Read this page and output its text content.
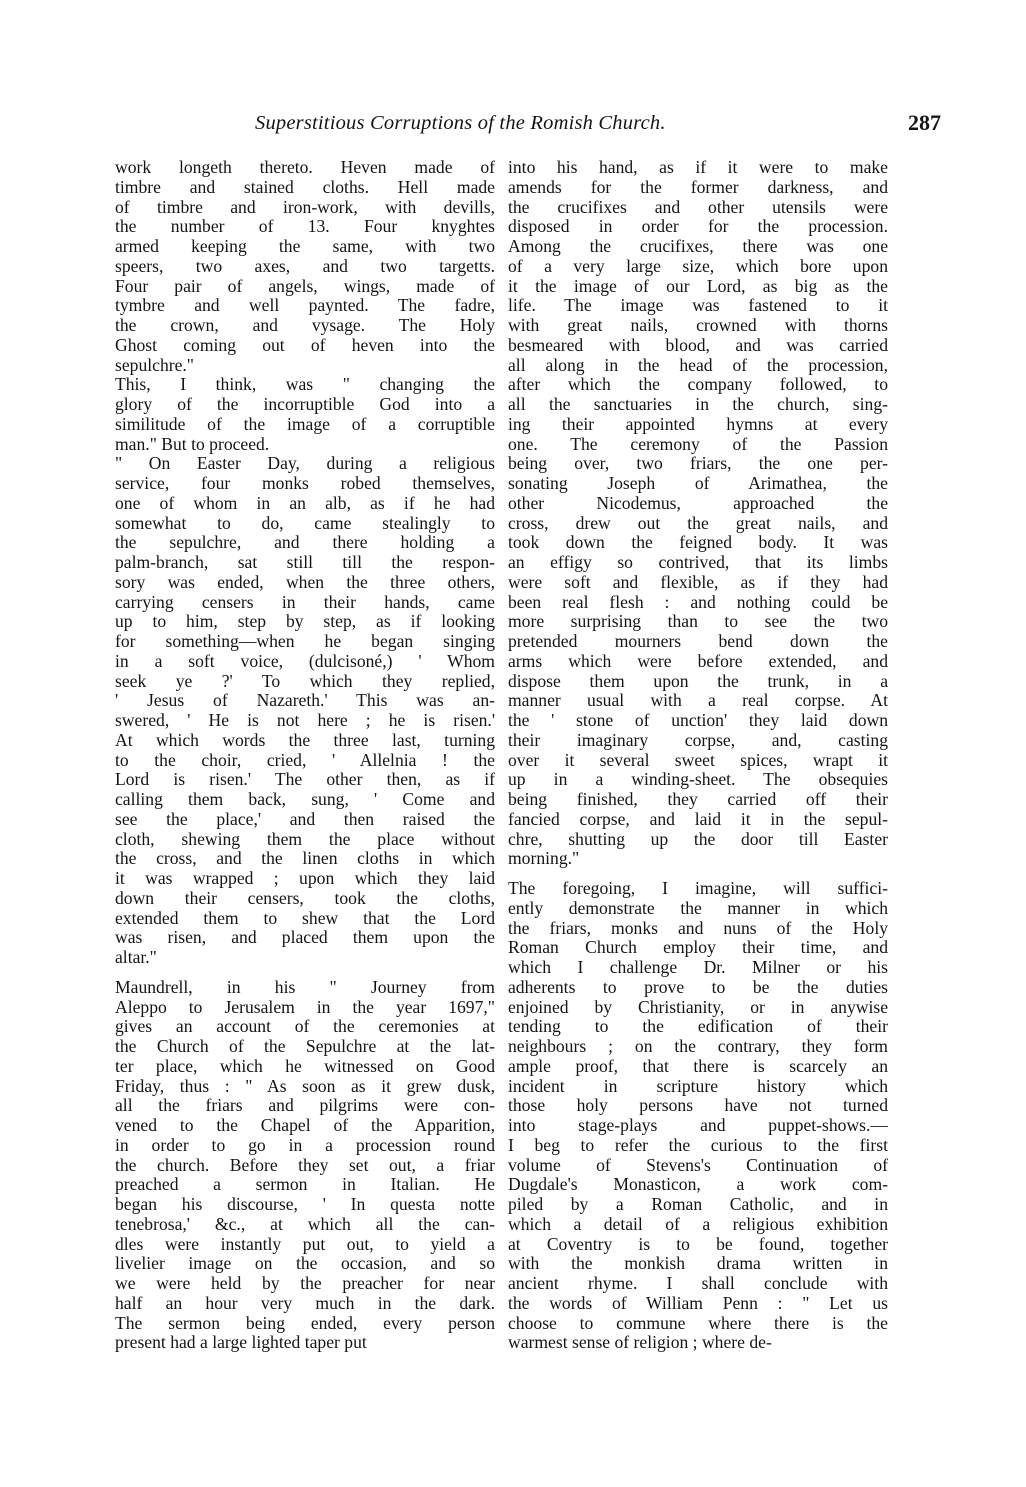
Superstitious Corruptions of the Romish Church.	287

work longeth thereto. Heven made of

timbre and stained cloths. Hell made

of timbre and iron-work, with devills,

the number of 13. Four knyghtes

armed keeping the same, with two

speers, two axes, and two targetts.

Four pair of angels, wings, made of

tymbre and well paynted. The fadre,

the crown, and vysage. The Holy

Ghost coming out of heven into the

sepulchre."

This, I think, was " changing the

glory of the incorruptible God into a

similitude of the image of a corruptible

man." But to proceed.

" On Easter Day, during a religious

service, four monks robed themselves,

one of whom in an alb, as if he had

somewhat to do, came stealingly to

the sepulchre, and there holding a

palm-branch, sat still till the respon-

sory was ended, when the three others,

carrying censers in their hands, came

up to him, step by step, as if looking

for something—when he began singing

in a soft voice, (dulcisoné,) ' Whom

seek ye ?' To which they replied,

' Jesus of Nazareth.' This was an-

swered, ' He is not here ; he is risen.'

At which words the three last, turning

to the choir, cried, ' Allelnia ! the

Lord is risen.' The other then, as if

calling them back, sung, ' Come and

see the place,' and then raised the

cloth, shewing them the place without

the cross, and the linen cloths in which

it was wrapped ; upon which they laid

down their censers, took the cloths,

extended them to shew that the Lord

was risen, and placed them upon the

altar."

Maundrell, in his " Journey from

Aleppo to Jerusalem in the year 1697,"

gives an account of the ceremonies at

the Church of the Sepulchre at the lat-

ter place, which he witnessed on Good

Friday, thus : " As soon as it grew dusk,

all the friars and pilgrims were con-

vened to the Chapel of the Apparition,

in order to go in a procession round

the church. Before they set out, a friar

preached a sermon in Italian. He

began his discourse, ' In questa notte

tenebrosa,' &c., at which all the can-

dles were instantly put out, to yield a

livelier image on the occasion, and so

we were held by the preacher for near

half an hour very much in the dark.

The sermon being ended, every person

present had a large lighted taper put

into his hand, as if it were to make

amends for the former darkness, and

the crucifixes and other utensils were

disposed in order for the procession.

Among the crucifixes, there was one

of a very large size, which bore upon

it the image of our Lord, as big as the

life. The image was fastened to it

with great nails, crowned with thorns

besmeared with blood, and was carried

all along in the head of the procession,

after which the company followed, to

all the sanctuaries in the church, sing-

ing their appointed hymns at every

one. The ceremony of the Passion

being over, two friars, the one per-

sonating Joseph of Arimathea, the

other Nicodemus, approached the

cross, drew out the great nails, and

took down the feigned body. It was

an effigy so contrived, that its limbs

were soft and flexible, as if they had

been real flesh : and nothing could be

more surprising than to see the two

pretended mourners bend down the

arms which were before extended, and

dispose them upon the trunk, in a

manner usual with a real corpse. At

the ' stone of unction' they laid down

their imaginary corpse, and, casting

over it several sweet spices, wrapt it

up in a winding-sheet. The obsequies

being finished, they carried off their

fancied corpse, and laid it in the sepul-

chre, shutting up the door till Easter

morning."

The foregoing, I imagine, will suffici-

ently demonstrate the manner in which

the friars, monks and nuns of the Holy

Roman Church employ their time, and

which I challenge Dr. Milner or his

adherents to prove to be the duties

enjoined by Christianity, or in anywise

tending to the edification of their

neighbours ; on the contrary, they form

ample proof, that there is scarcely an

incident in scripture history which

those holy persons have not turned

into stage-plays and puppet-shows.—

I beg to refer the curious to the first

volume of Stevens's Continuation of

Dugdale's Monasticon, a work com-

piled by a Roman Catholic, and in

which a detail of a religious exhibition

at Coventry is to be found, together

with the monkish drama written in

ancient rhyme. I shall conclude with

the words of William Penn : " Let us

choose to commune where there is the

warmest sense of religion ; where de-
